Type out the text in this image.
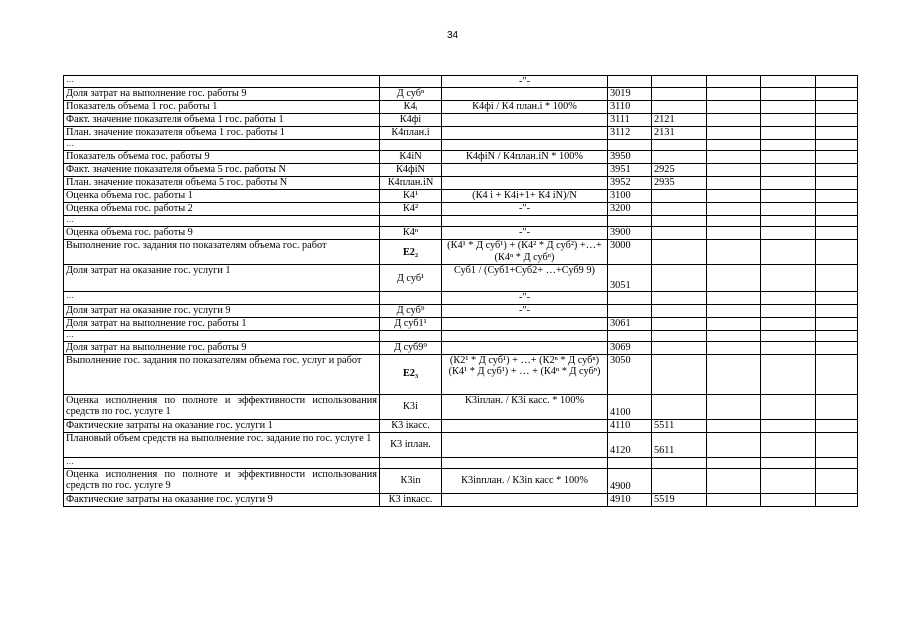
34
…		-"-					
Доля затрат на выполнение гос. работы 9	Д субⁿ		3019				
Показатель объема 1 гос. работы 1	К4ᵢ	К4фi / К4 план.i * 100%	3110				
Факт. значение показателя объема 1 гос. работы 1	К4фi		3111	2121			
План. значение показателя объема 1 гос. работы 1	К4план.i		3112	2131			
…							
Показатель объема гос. работы 9	К4iN	К4фiN / К4план.iN * 100%	3950				
Факт. значение показателя объема 5 гос. работы N	К4фiN		3951	2925			
План. значение показателя объема 5 гос. работы N	К4план.iN		3952	2935			
Оценка объема гос. работы 1	К4¹	(К4 i + К4i+1+ К4 iN)/N	3100				
Оценка объема гос. работы 2	К4²	-"-	3200				
…							
Оценка объема гос. работы 9	К4ⁿ	-"-	3900				
Выполнение гос. задания по показателям объема гос. работ	Е2₂	(К4¹ * Д суб¹) + (К4² * Д суб²) +…+ (К4ⁿ * Д субⁿ)	3000				
Доля затрат на оказание гос. услуги 1	Д суб¹	Суб1 / (Суб1+Суб2+ …+Суб9 9)	3051				
…		-"-					
Доля затрат на оказание гос. услуги 9	Д суб⁹	-"-					
Доля затрат на выполнение гос. работы 1	Д суб1¹		3061				
…							
Доля затрат на выполнение гос. работы 9	Д суб9⁹		3069				
Выполнение гос. задания по показателям объема гос. услуг и работ	Е2₃	(К2¹ * Д суб¹) + …+ (К2ⁿ * Д субⁿ) (К4¹ * Д суб¹) + … + (К4ⁿ * Д субⁿ)	3050				
Оценка исполнения по полноте и эффективности использования средств по гос. услуге 1	К3i	К3iплан. / К3i касс. * 100%	4100				
Фактические затраты на оказание гос. услуги 1	К3 iкасс.		4110	5511			
Плановый объем средств на выполнение гос. задание по гос. услуге 1	К3 iплан.		4120	5611			
…							
Оценка исполнения по полноте и эффективности использования средств по гос. услуге 9	К3in	К3inплан. / К3in касс * 100%	4900				
Фактические затраты на оказание гос. услуги 9	К3 inкасс.		4910	5519			
